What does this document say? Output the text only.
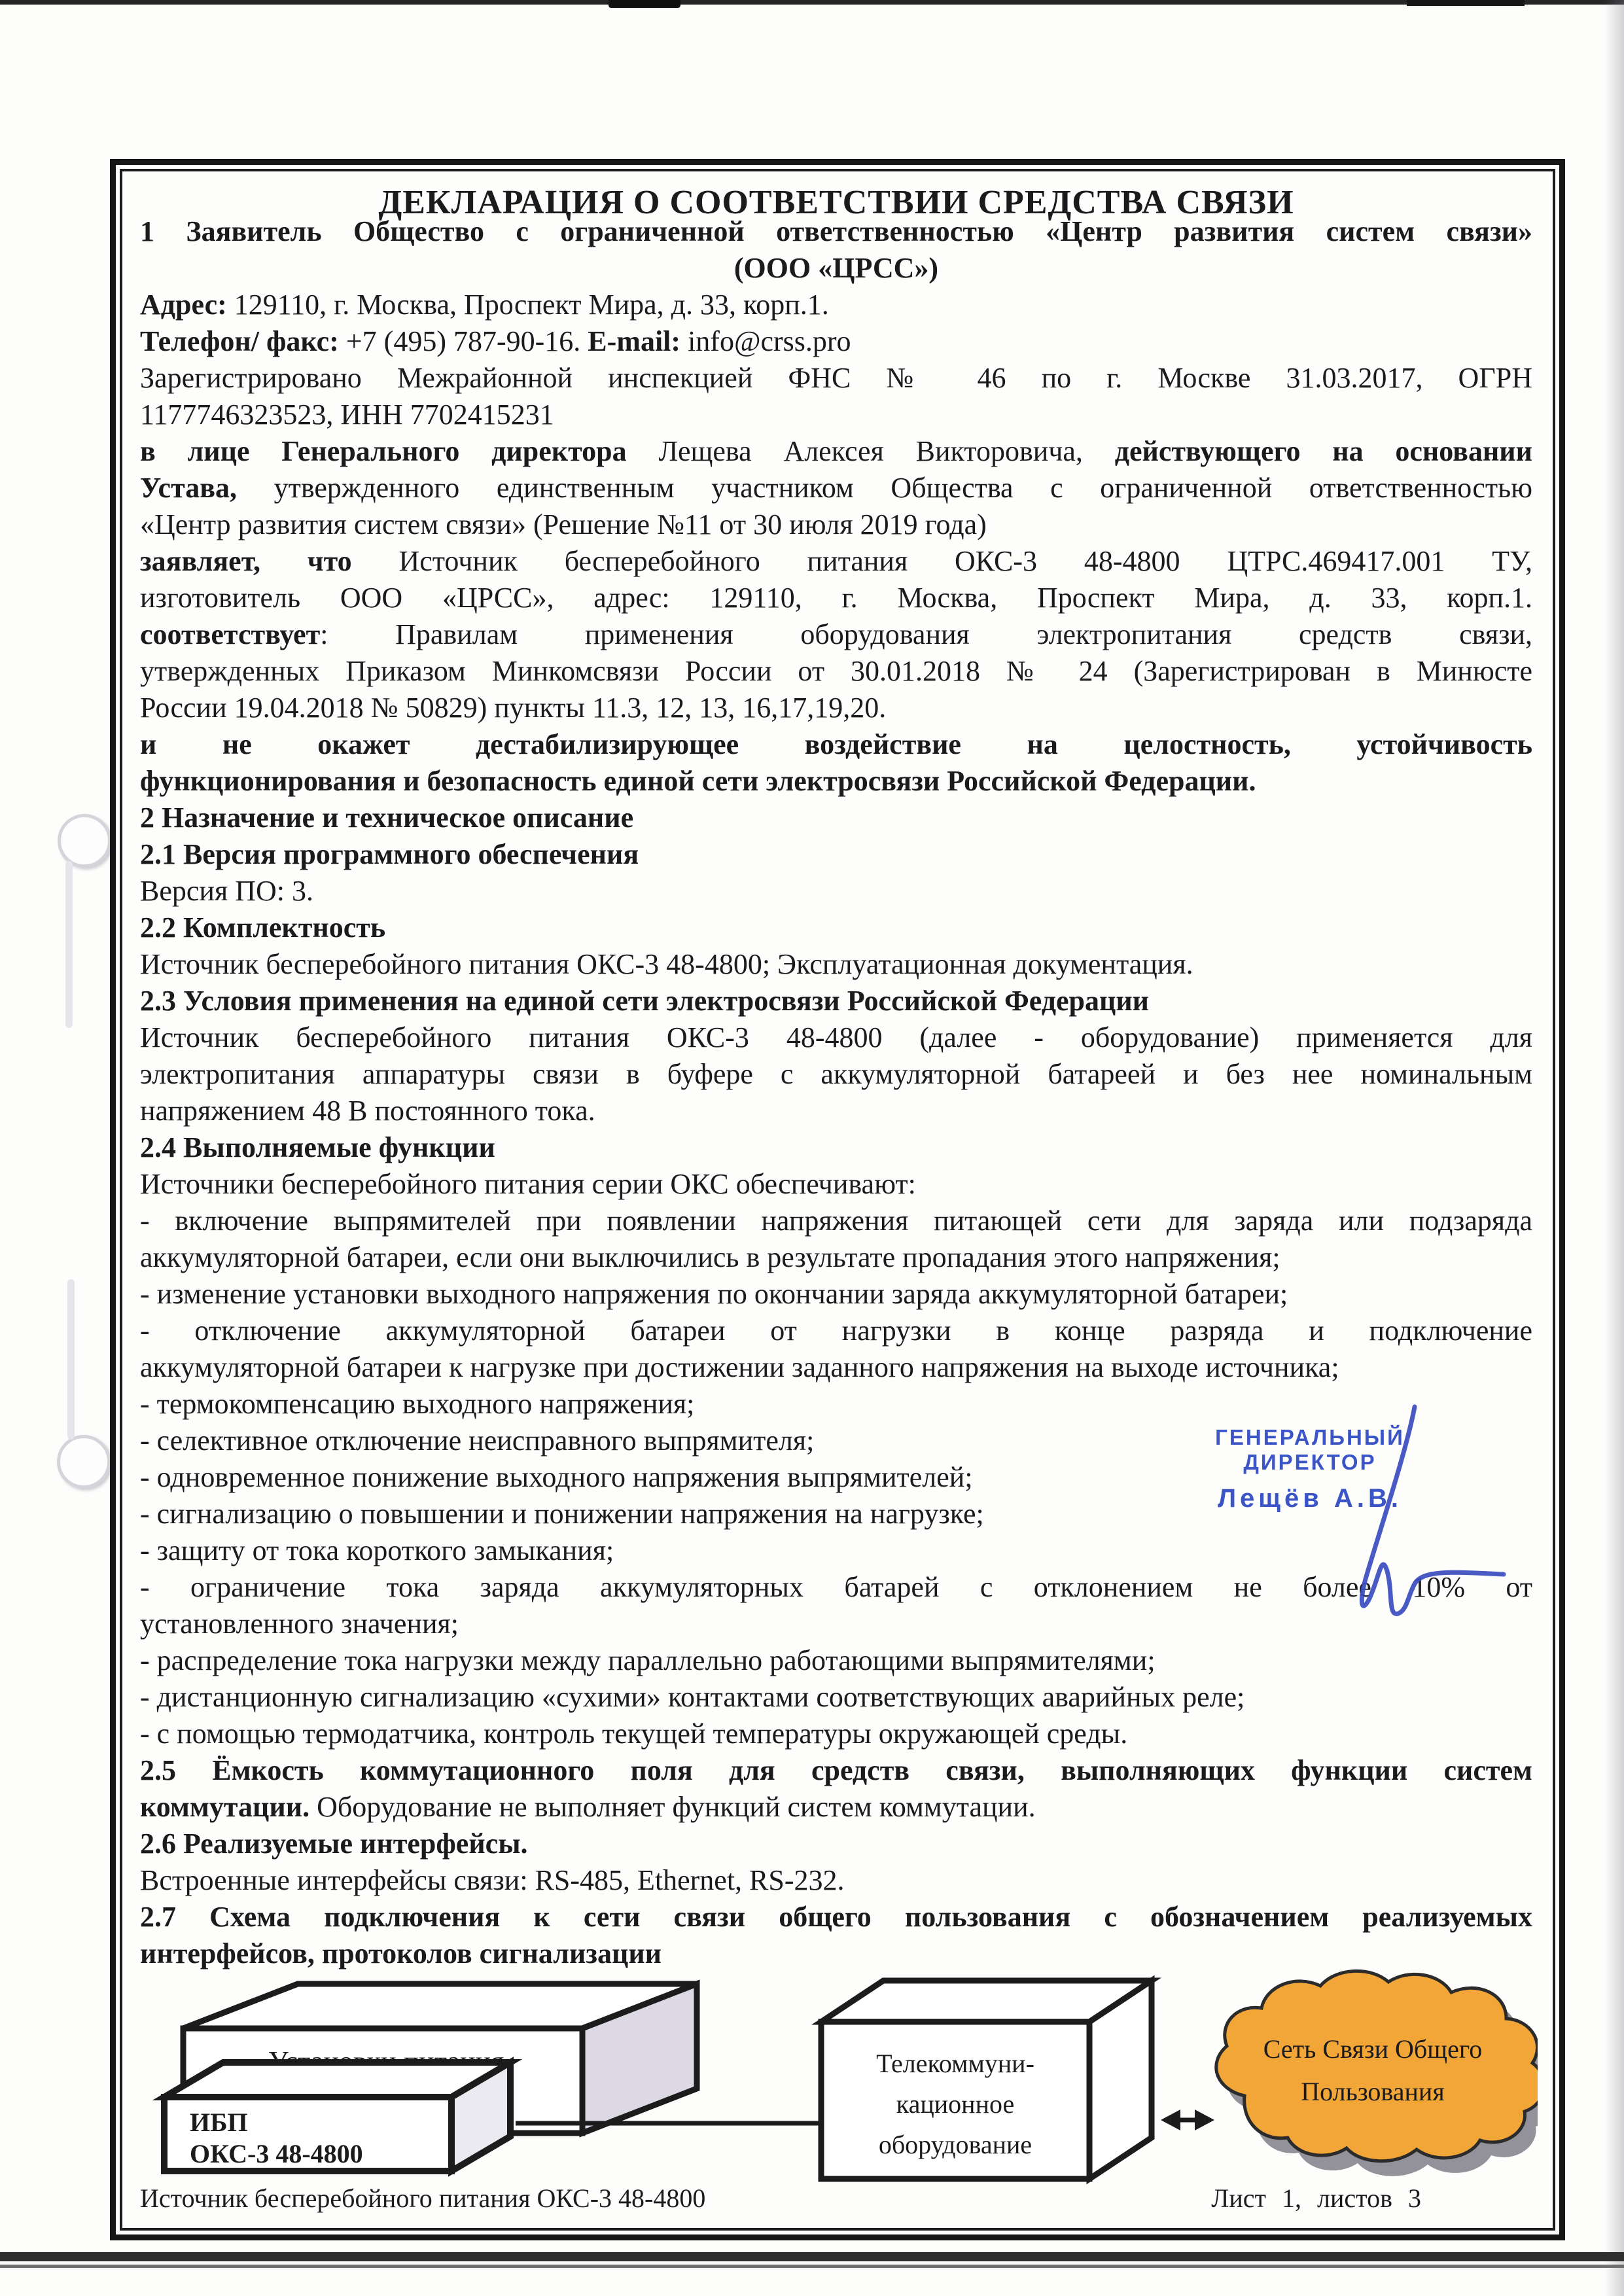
ДЕКЛАРАЦИЯ О СООТВЕТСТВИИ СРЕДСТВА СВЯЗИ
1 Заявитель Общество с ограниченной ответственностью «Центр развития систем связи»
(ООО «ЦРСС»)
Адрес: 129110, г. Москва, Проспект Мира, д. 33, корп.1.
Телефон/ факс: +7 (495) 787-90-16. E-mail: info@crss.pro
Зарегистрировано Межрайонной инспекцией ФНС № 46 по г. Москве 31.03.2017, ОГРН
1177746323523, ИНН 7702415231
в лице Генерального директора Лещева Алексея Викторовича, действующего на основании
Устава, утвержденного единственным участником Общества с ограниченной ответственностью
«Центр развития систем связи» (Решение №11 от 30 июля 2019 года)
заявляет, что Источник бесперебойного питания ОКС-3 48-4800 ЦТРС.469417.001 ТУ,
изготовитель ООО «ЦРСС», адрес: 129110, г. Москва, Проспект Мира, д. 33, корп.1.
соответствует: Правилам применения оборудования электропитания средств связи,
утвержденных Приказом Минкомсвязи России от 30.01.2018 № 24 (Зарегистрирован в Минюсте
России 19.04.2018 № 50829) пункты 11.3, 12, 13, 16,17,19,20.
и не окажет дестабилизирующее воздействие на целостность, устойчивость
функционирования и безопасность единой сети электросвязи Российской Федерации.
2 Назначение и техническое описание
2.1 Версия программного обеспечения
Версия ПО: 3.
2.2 Комплектность
Источник бесперебойного питания ОКС-3 48-4800; Эксплуатационная документация.
2.3 Условия применения на единой сети электросвязи Российской Федерации
Источник бесперебойного питания ОКС-3 48-4800 (далее - оборудование) применяется для
электропитания аппаратуры связи в буфере с аккумуляторной батареей и без нее номинальным
напряжением 48 В постоянного тока.
2.4 Выполняемые функции
Источники бесперебойного питания серии ОКС обеспечивают:
- включение выпрямителей при появлении напряжения питающей сети для заряда или подзаряда
аккумуляторной батареи, если они выключились в результате пропадания этого напряжения;
- изменение установки выходного напряжения по окончании заряда аккумуляторной батареи;
- отключение аккумуляторной батареи от нагрузки в конце разряда и подключение
аккумуляторной батареи к нагрузке при достижении заданного напряжения на выходе источника;
- термокомпенсацию выходного напряжения;
- селективное отключение неисправного выпрямителя;
- одновременное понижение выходного напряжения выпрямителей;
- сигнализацию о повышении и понижении напряжения на нагрузке;
- защиту от тока короткого замыкания;
- ограничение тока заряда аккумуляторных батарей с отклонением не более 10% от
установленного значения;
- распределение тока нагрузки между параллельно работающими выпрямителями;
- дистанционную сигнализацию «сухими» контактами соответствующих аварийных реле;
- с помощью термодатчика, контроль текущей температуры окружающей среды.
2.5 Ёмкость коммутационного поля для средств связи, выполняющих функции систем
коммутации. Оборудование не выполняет функций систем коммутации.
2.6 Реализуемые интерфейсы.
Встроенные интерфейсы связи: RS-485, Ethernet, RS-232.
2.7 Схема подключения к сети связи общего пользования с обозначением реализуемых
интерфейсов, протоколов сигнализации
ГЕНЕРАЛЬНЫЙ ДИРЕКТОР
Лещёв А.В.
ИБП
ОКС-3 48-4800
Телекоммуни-
кационное
оборудование
Сеть Связи Общего
Пользования
Источник бесперебойного питания ОКС-3 48-4800	Лист 1, листов 3
